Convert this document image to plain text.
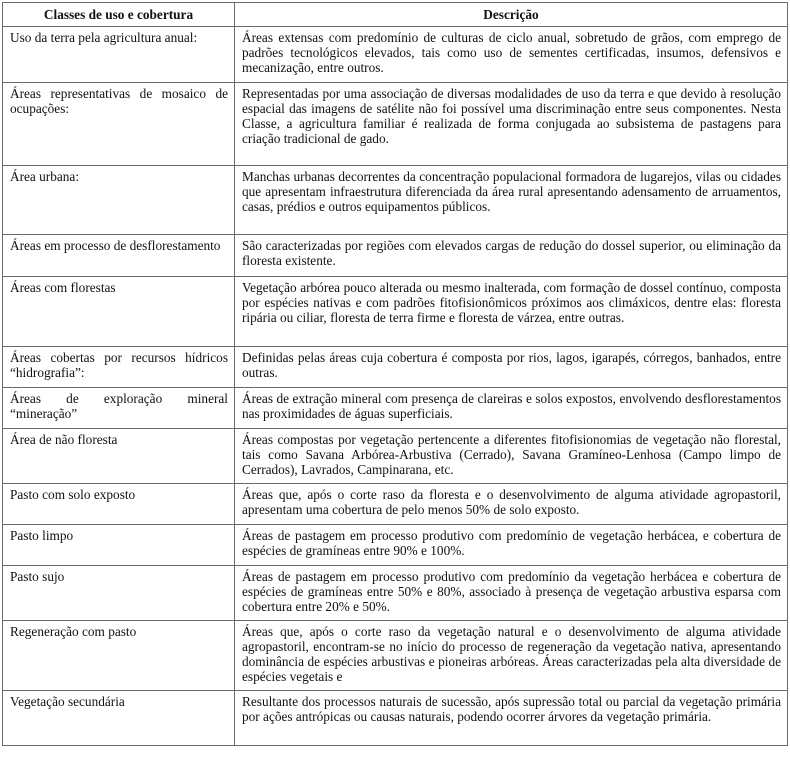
Classes de uso e cobertura	Descrição
Uso da terra pela agricultura anual:	Áreas extensas com predomínio de culturas de ciclo anual, sobretudo de grãos, com emprego de padrões tecnológicos elevados, tais como uso de sementes certificadas, insumos, defensivos e mecanização, entre outros.
Áreas representativas de mosaico de ocupações:	Representadas por uma associação de diversas modalidades de uso da terra e que devido à resolução espacial das imagens de satélite não foi possível uma discriminação entre seus componentes. Nesta Classe, a agricultura familiar é realizada de forma conjugada ao subsistema de pastagens para criação tradicional de gado.
Área urbana:	Manchas urbanas decorrentes da concentração populacional formadora de lugarejos, vilas ou cidades que apresentam infraestrutura diferenciada da área rural apresentando adensamento de arruamentos, casas, prédios e outros equipamentos públicos.
Áreas em processo de desflorestamento	São caracterizadas por regiões com elevados cargas de redução do dossel superior, ou eliminação da floresta existente.
Áreas com florestas	Vegetação arbórea pouco alterada ou mesmo inalterada, com formação de dossel contínuo, composta por espécies nativas e com padrões fitofisionômicos próximos aos climáxicos, dentre elas: floresta ripária ou ciliar, floresta de terra firme e floresta de várzea, entre outras.
Áreas cobertas por recursos hídricos “hidrografia”:	Definidas pelas áreas cuja cobertura é composta por rios, lagos, igarapés, córregos, banhados, entre outras.
Áreas de exploração mineral “mineração”	Áreas de extração mineral com presença de clareiras e solos expostos, envolvendo desflorestamentos nas proximidades de águas superficiais.
Área de não floresta	Áreas compostas por vegetação pertencente a diferentes fitofisionomias de vegetação não florestal, tais como Savana Arbórea-Arbustiva (Cerrado), Savana Gramíneo-Lenhosa (Campo limpo de Cerrados), Lavrados, Campinarana, etc.
Pasto com solo exposto	Áreas que, após o corte raso da floresta e o desenvolvimento de alguma atividade agropastoril, apresentam uma cobertura de pelo menos 50% de solo exposto.
Pasto limpo	Áreas de pastagem em processo produtivo com predomínio de vegetação herbácea, e cobertura de espécies de gramíneas entre 90% e 100%.
Pasto sujo	Áreas de pastagem em processo produtivo com predomínio da vegetação herbácea e cobertura de espécies de gramíneas entre 50% e 80%, associado à presença de vegetação arbustiva esparsa com cobertura entre 20% e 50%.
Regeneração com pasto	Áreas que, após o corte raso da vegetação natural e o desenvolvimento de alguma atividade agropastoril, encontram-se no início do processo de regeneração da vegetação nativa, apresentando dominância de espécies arbustivas e pioneiras arbóreas. Áreas caracterizadas pela alta diversidade de espécies vegetais e
Vegetação secundária	Resultante dos processos naturais de sucessão, após supressão total ou parcial da vegetação primária por ações antrópicas ou causas naturais, podendo ocorrer árvores da vegetação primária.
